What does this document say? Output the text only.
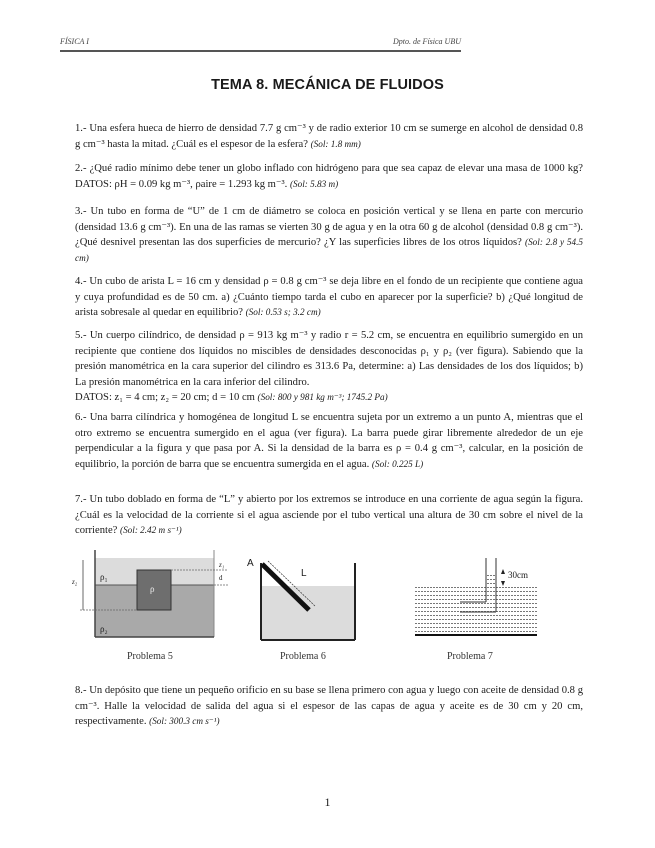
FÍSICA I	Dpto. de Física UBU
TEMA 8. MECÁNICA DE FLUIDOS
1.- Una esfera hueca de hierro de densidad 7.7 g cm⁻³ y de radio exterior 10 cm se sumerge en alcohol de densidad 0.8 g cm⁻³ hasta la mitad. ¿Cuál es el espesor de la esfera? (Sol: 1.8 mm)
2.- ¿Qué radio mínimo debe tener un globo inflado con hidrógeno para que sea capaz de elevar una masa de 1000 kg? DATOS: ρH = 0.09 kg m⁻³, ρaire = 1.293 kg m⁻³. (Sol: 5.83 m)
3.- Un tubo en forma de “U” de 1 cm de diámetro se coloca en posición vertical y se llena en parte con mercurio (densidad 13.6 g cm⁻³). En una de las ramas se vierten 30 g de agua y en la otra 60 g de alcohol (densidad 0.8 g cm⁻³). ¿Qué desnivel presentan las dos superficies de mercurio? ¿Y las superficies libres de los otros líquidos? (Sol: 2.8 y 54.5 cm)
4.- Un cubo de arista L = 16 cm y densidad ρ = 0.8 g cm⁻³ se deja libre en el fondo de un recipiente que contiene agua y cuya profundidad es de 50 cm. a) ¿Cuánto tiempo tarda el cubo en aparecer por la superficie? b) ¿Qué longitud de arista sobresale al quedar en equilibrio? (Sol: 0.53 s; 3.2 cm)
5.- Un cuerpo cilíndrico, de densidad ρ = 913 kg m⁻³ y radio r = 5.2 cm, se encuentra en equilibrio sumergido en un recipiente que contiene dos líquidos no miscibles de densidades desconocidas ρ₁ y ρ₂ (ver figura). Sabiendo que la presión manométrica en la cara superior del cilindro es 313.6 Pa, determine: a) Las densidades de los dos líquidos; b) La presión manométrica en la cara inferior del cilindro.
DATOS: z₁ = 4 cm; z₂ = 20 cm; d = 10 cm (Sol: 800 y 981 kg m⁻³; 1745.2 Pa)
6.- Una barra cilíndrica y homogénea de longitud L se encuentra sujeta por un extremo a un punto A, mientras que el otro extremo se encuentra sumergido en el agua (ver figura). La barra puede girar libremente alrededor de un eje perpendicular a la figura y que pasa por A. Si la densidad de la barra es ρ = 0.4 g cm⁻³, calcular, en la posición de equilibrio, la porción de barra que se encuentra sumergida en el agua. (Sol: 0.225 L)
7.- Un tubo doblado en forma de “L” y abierto por los extremos se introduce en una corriente de agua según la figura. ¿Cuál es la velocidad de la corriente si el agua asciende por el tubo vertical una altura de 30 cm sobre el nivel de la corriente? (Sol: 2.42 m s⁻¹)
ρ₁
ρ₂
ρ
z₂
z₁
d
Problema 5
A
L
Problema 6
30cm
Problema 7
8.- Un depósito que tiene un pequeño orificio en su base se llena primero con agua y luego con aceite de densidad 0.8 g cm⁻³. Halle la velocidad de salida del agua si el espesor de las capas de agua y aceite es de 30 cm y 20 cm, respectivamente. (Sol: 300.3 cm s⁻¹)
1
